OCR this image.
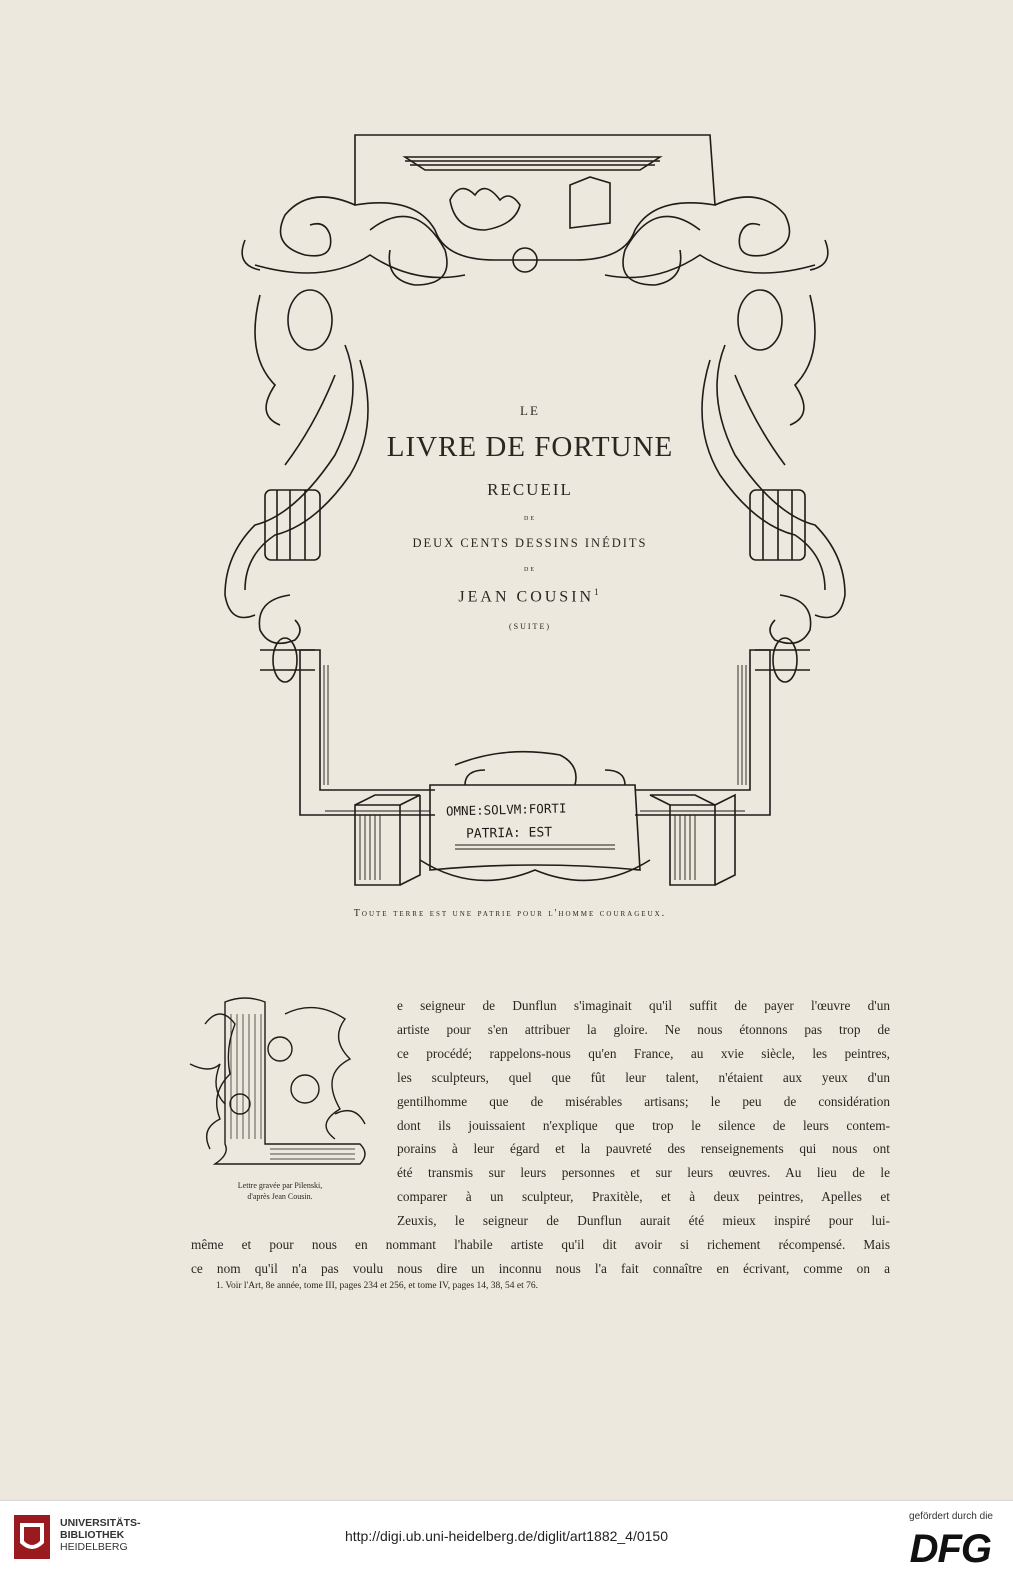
LE

LIVRE DE FORTUNE

RECUEIL

DE

DEUX CENTS DESSINS INÉDITS

DE

JEAN COUSIN$^1$

(SUITE)

OMNE:SOLVM:FORTI
PATRIA: EST
Toute terre est une patrie pour l'homme courageux.
Lettre gravée par Pilenski,
d'après Jean Cousin.
e seigneur de Dunflun s'imaginait qu'il suffit de payer l'œuvre d'un
artiste pour s'en attribuer la gloire. Ne nous étonnons pas trop de
ce procédé; rappelons-nous qu'en France, au xvie siècle, les peintres,
les sculpteurs, quel que fût leur talent, n'étaient aux yeux d'un
gentilhomme que de misérables artisans; le peu de considération
dont ils jouissaient n'explique que trop le silence de leurs contem-
porains à leur égard et la pauvreté des renseignements qui nous ont
été transmis sur leurs personnes et sur leurs œuvres. Au lieu de le
comparer à un sculpteur, Praxitèle, et à deux peintres, Apelles et
Zeuxis, le seigneur de Dunflun aurait été mieux inspiré pour lui-
même et pour nous en nommant l'habile artiste qu'il dit avoir si richement récompensé. Mais
ce nom qu'il n'a pas voulu nous dire un inconnu nous l'a fait connaître en écrivant, comme on a
1. Voir l'Art, 8e année, tome III, pages 234 et 256, et tome IV, pages 14, 38, 54 et 76.
UNIVERSITÄTS-
BIBLIOTHEK
HEIDELBERG
http://digi.ub.uni-heidelberg.de/diglit/art1882_4/0150
gefördert durch die
DFG
